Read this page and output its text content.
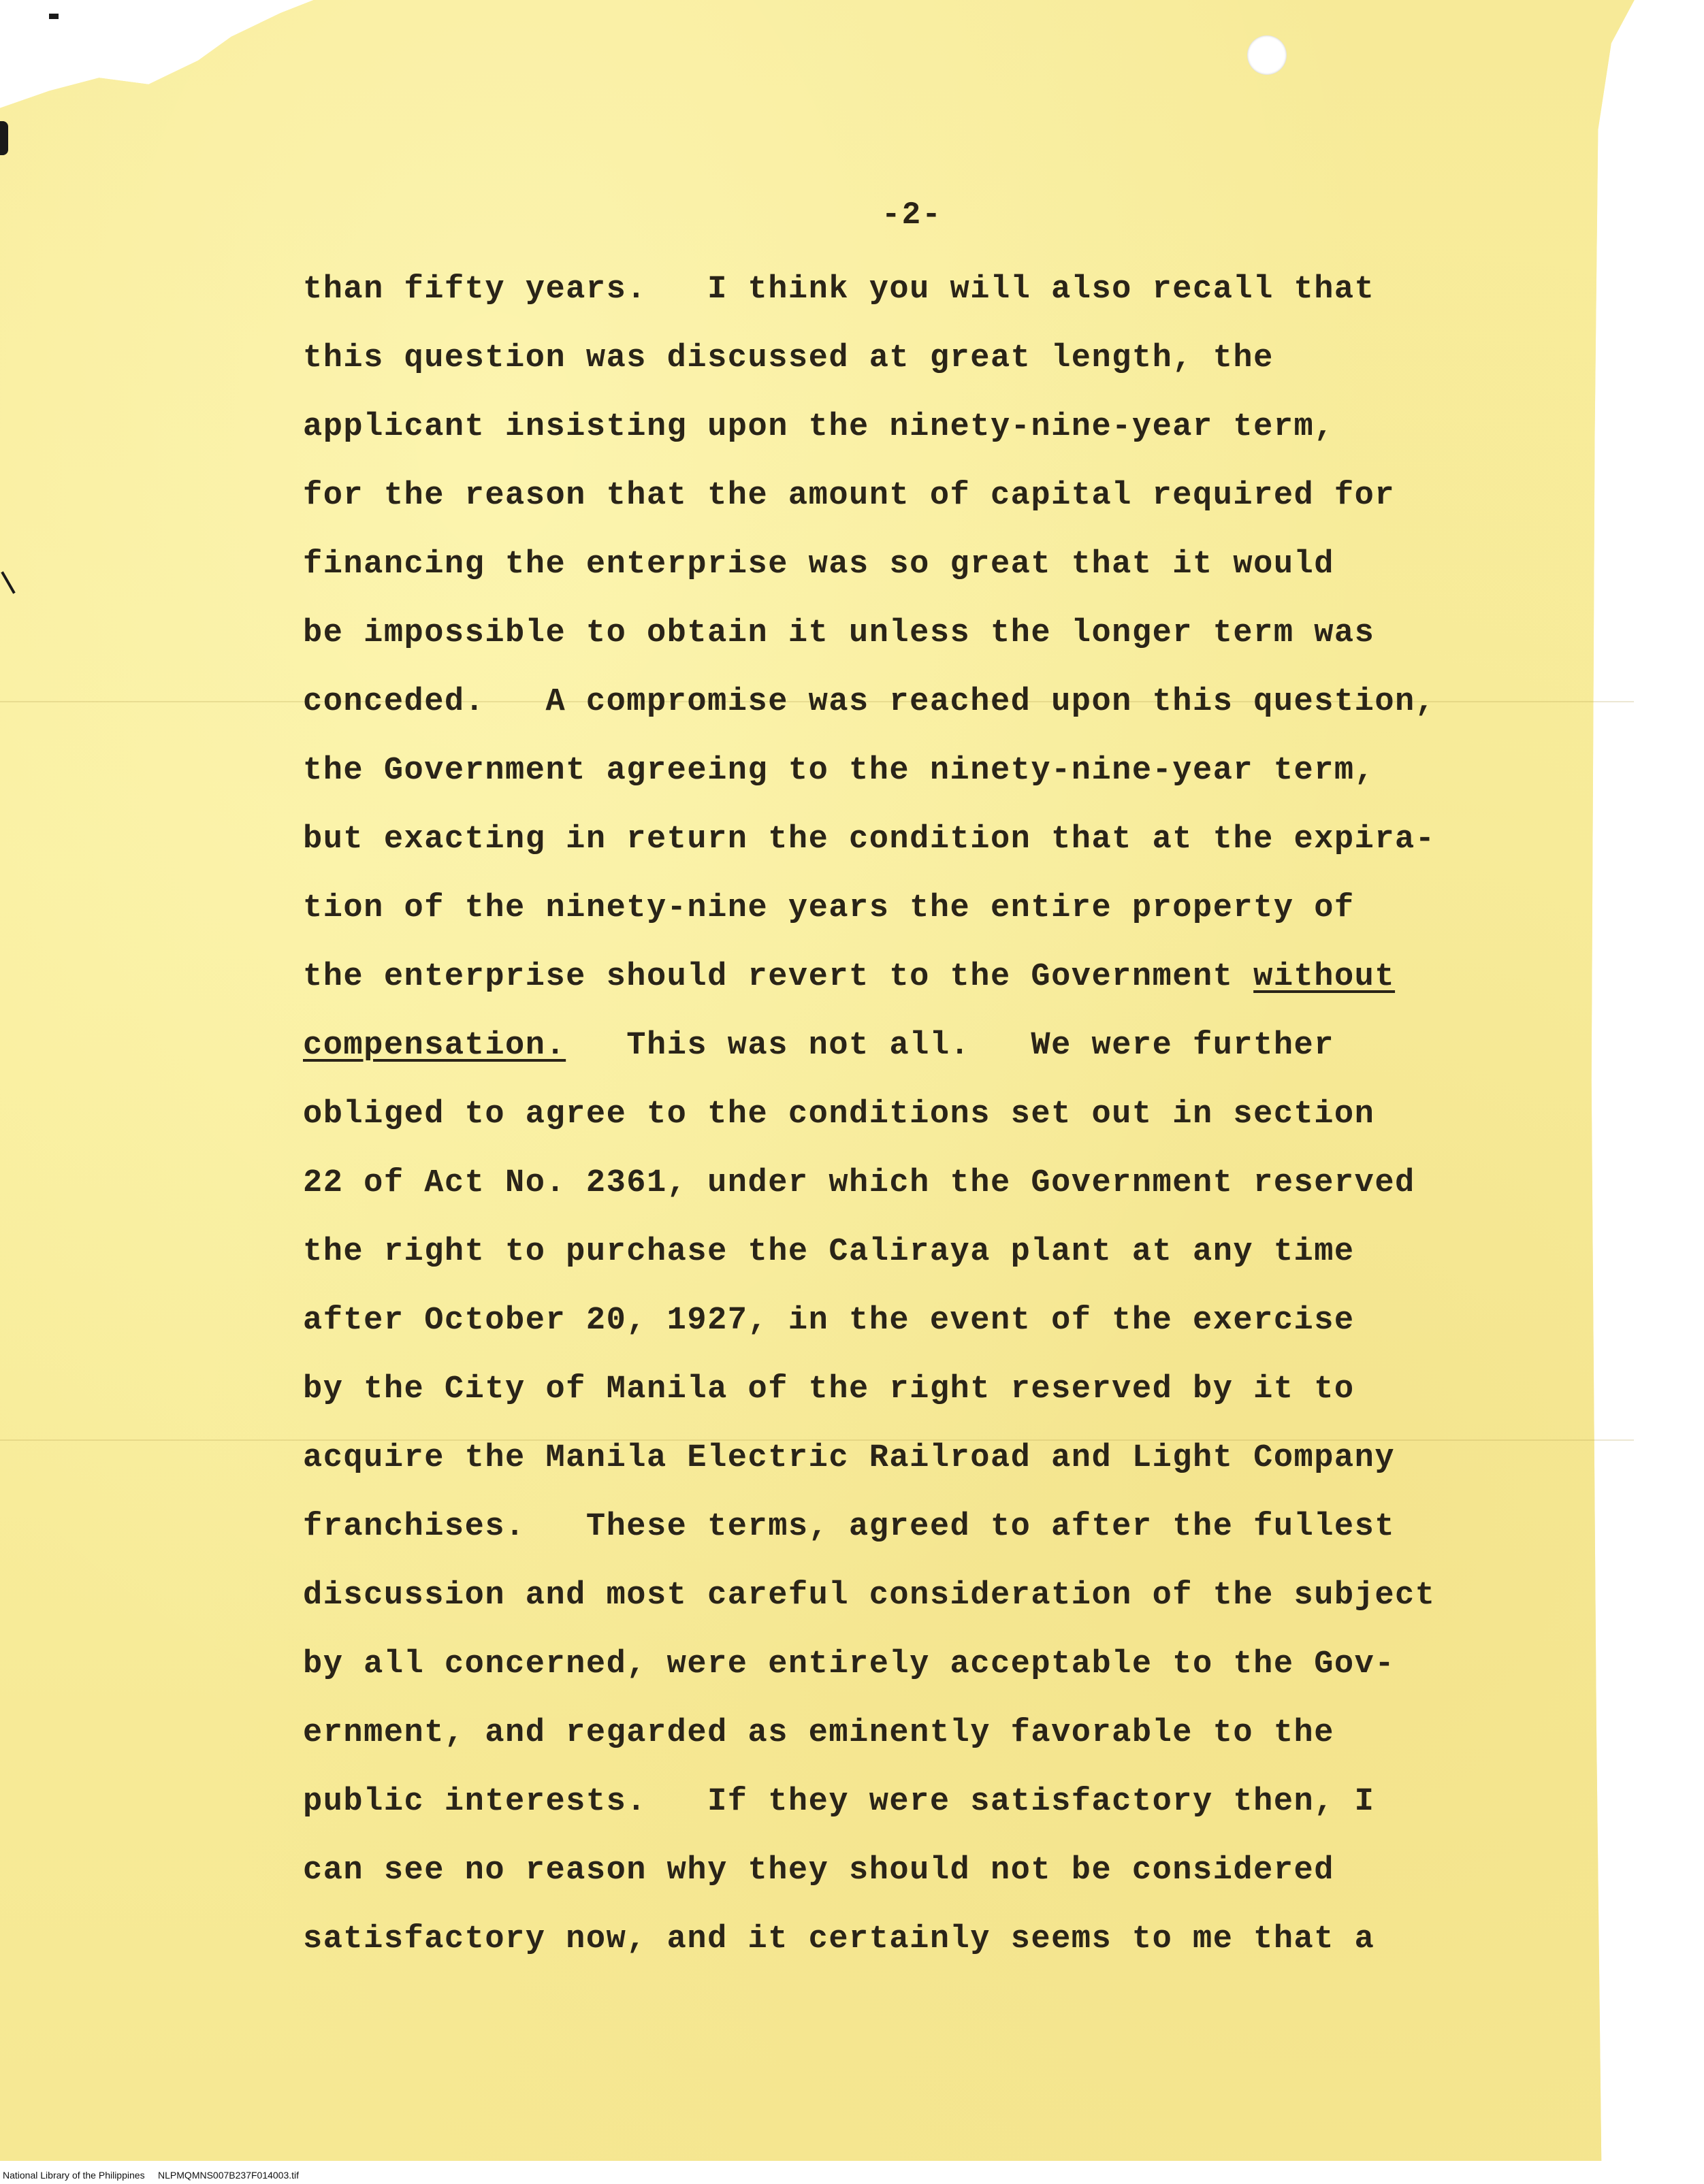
-2-
than fifty years.   I think you will also recall that
this question was discussed at great length, the
applicant insisting upon the ninety-nine-year term,
for the reason that the amount of capital required for
financing the enterprise was so great that it would
be impossible to obtain it unless the longer term was
conceded.   A compromise was reached upon this question,
the Government agreeing to the ninety-nine-year term,
but exacting in return the condition that at the expira-
tion of the ninety-nine years the entire property of
the enterprise should revert to the Government without
compensation.   This was not all.   We were further
obliged to agree to the conditions set out in section
22 of Act No. 2361, under which the Government reserved
the right to purchase the Caliraya plant at any time
after October 20, 1927, in the event of the exercise
by the City of Manila of the right reserved by it to
acquire the Manila Electric Railroad and Light Company
franchises.   These terms, agreed to after the fullest
discussion and most careful consideration of the subject
by all concerned, were entirely acceptable to the Gov-
ernment, and regarded as eminently favorable to the
public interests.   If they were satisfactory then, I
can see no reason why they should not be considered
satisfactory now, and it certainly seems to me that a
National Library of the Philippines NLPMQMNS007B237F014003.tif
